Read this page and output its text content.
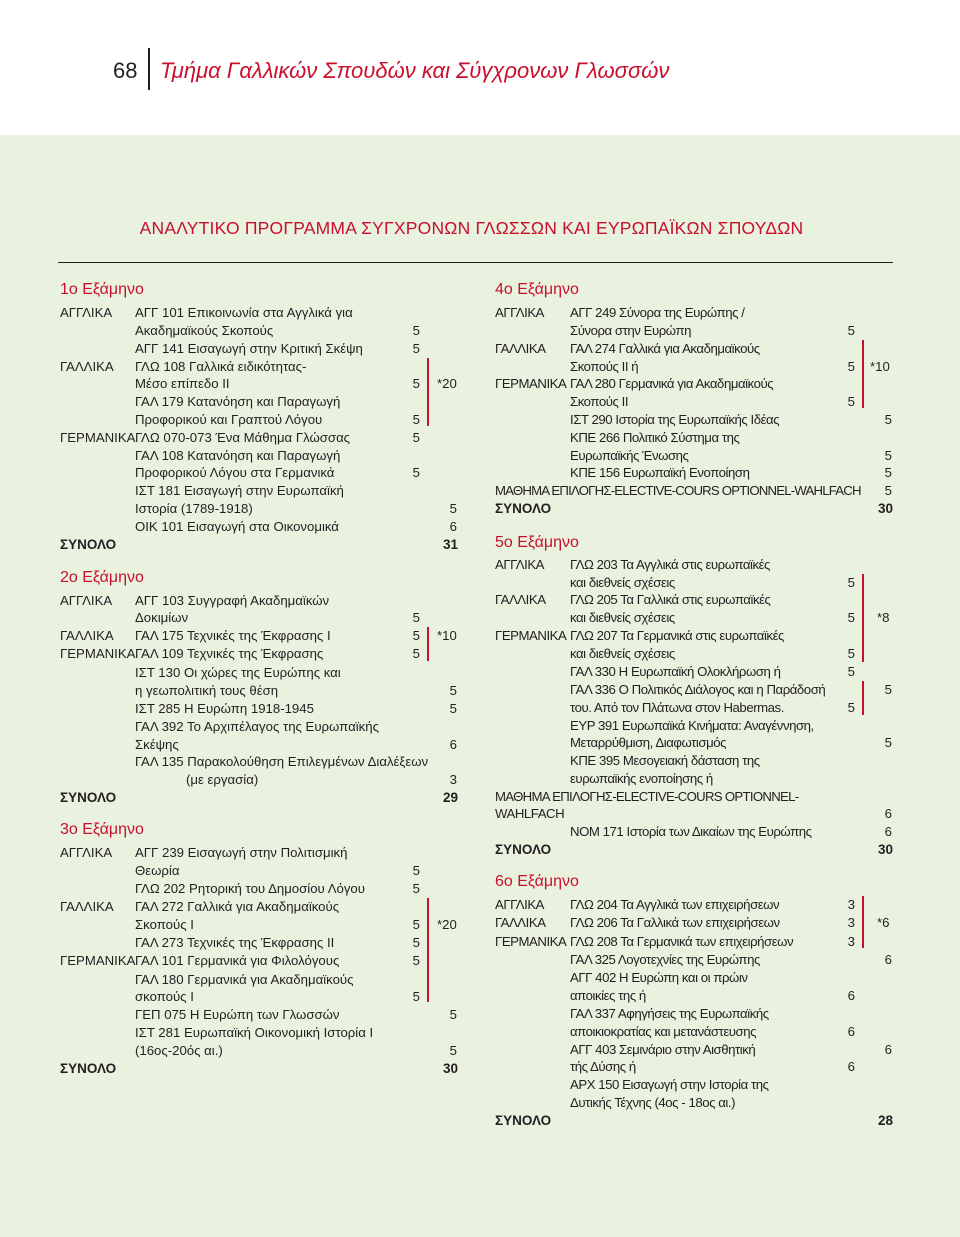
68 Τμήμα Γαλλικών Σπουδών και Σύγχρονων Γλωσσών
ΑΝΑΛΥΤΙΚΟ ΠΡΟΓΡΑΜΜΑ ΣΥΓΧΡΟΝΩΝ ΓΛΩΣΣΩΝ ΚΑΙ ΕΥΡΩΠΑΪΚΩΝ ΣΠΟΥΔΩΝ
1ο Εξάμηνο
ΑΓΓΛΙΚΑ ΑΓΓ 101 Επικοινωνία στα Αγγλικά για
Ακαδημαϊκούς Σκοπούς	5
ΑΓΓ 141 Εισαγωγή στην Κριτική Σκέψη	5
ΓΑΛΛΙΚΑ ΓΛΩ 108 Γαλλικά ειδικότητας-
Μέσο επίπεδο ΙΙ	5 *20
ΓΑΛ 179 Κατανόηση και Παραγωγή
Προφορικού και Γραπτού Λόγου	5
ΓΕΡΜΑΝΙΚΑ ΓΛΩ 070-073 Ένα Μάθημα Γλώσσας	5
ΓΑΛ 108 Κατανόηση και Παραγωγή
Προφορικού Λόγου στα Γερμανικά	5
ΙΣΤ 181 Εισαγωγή στην Ευρωπαϊκή
Ιστορία (1789-1918)	5
ΟΙΚ 101 Εισαγωγή στα Οικονομικά	6
ΣΥΝΟΛΟ	31
2ο Εξάμηνο
ΑΓΓΛΙΚΑ ΑΓΓ 103 Συγγραφή Ακαδημαϊκών
Δοκιμίων	5
ΓΑΛΛΙΚΑ ΓΑΛ 175 Τεχνικές της Έκφρασης Ι	5 *10
ΓΕΡΜΑΝΙΚΑ ΓΑΛ 109 Τεχνικές της Έκφρασης	5
ΙΣΤ 130 Οι χώρες της Ευρώπης και
η γεωπολιτική τους θέση	5
ΙΣΤ 285 Η Ευρώπη 1918-1945	5
ΓΑΛ 392 Το Αρχιπέλαγος της Ευρωπαϊκής
Σκέψης	6
ΓΑΛ 135 Παρακολούθηση Επιλεγμένων Διαλέξεων
(με εργασία)	3
ΣΥΝΟΛΟ	29
3ο Εξάμηνο
ΑΓΓΛΙΚΑ ΑΓΓ 239 Εισαγωγή στην Πολιτισμική
Θεωρία	5
ΓΛΩ 202 Ρητορική του Δημοσίου Λόγου	5
ΓΑΛΛΙΚΑ ΓΑΛ 272 Γαλλικά για Ακαδημαϊκούς
Σκοπούς Ι	5 *20
ΓΑΛ 273 Τεχνικές της Έκφρασης ΙΙ	5
ΓΕΡΜΑΝΙΚΑ ΓΑΛ 101 Γερμανικά για Φιλολόγους	5
ΓΑΛ 180 Γερμανικά για Ακαδημαϊκούς
σκοπούς Ι	5
ΓΕΠ 075 Η Ευρώπη των Γλωσσών	5
ΙΣΤ 281 Ευρωπαϊκή Οικονομική Ιστορία Ι
(16ος-20ός αι.)	5
ΣΥΝΟΛΟ	30
4ο Εξάμηνο
ΑΓΓΛΙΚΑ ΑΓΓ 249 Σύνορα της Ευρώπης /
Σύνορα στην Ευρώπη	5
ΓΑΛΛΙΚΑ ΓΑΛ 274 Γαλλικά για Ακαδημαϊκούς
Σκοπούς ΙΙ ή	5 *10
ΓΕΡΜΑΝΙΚΑ ΓΑΛ 280 Γερμανικά για Ακαδημαϊκούς
Σκοπούς ΙΙ	5
ΙΣΤ 290 Ιστορία της Ευρωπαϊκής Ιδέας	5
ΚΠΕ 266 Πολιτικό Σύστημα της
Ευρωπαϊκής Ένωσης	5
ΚΠΕ 156 Ευρωπαϊκή Ενοποίηση	5
ΜΑΘΗΜΑ ΕΠΙΛΟΓΗΣ-ELECTIVE-COURS OPTIONNEL-WAHLFACH	5
ΣΥΝΟΛΟ	30
5ο Εξάμηνο
ΑΓΓΛΙΚΑ ΓΛΩ 203 Τα Αγγλικά στις ευρωπαϊκές
και διεθνείς σχέσεις	5
ΓΑΛΛΙΚΑ ΓΛΩ 205 Τα Γαλλικά στις ευρωπαϊκές
και διεθνείς σχέσεις	5 *8
ΓΕΡΜΑΝΙΚΑ ΓΛΩ 207 Τα Γερμανικά στις ευρωπαϊκές
και διεθνείς σχέσεις	5
ΓΑΛ 330 Η Ευρωπαϊκή Ολοκλήρωση ή	5
ΓΑΛ 336 Ο Πολιτικός Διάλογος και η Παράδοσή	5
του. Από τον Πλάτωνα στον Habermas.	5
ΕΥΡ 391 Ευρωπαϊκά Κινήματα: Αναγέννηση,
Μεταρρύθμιση, Διαφωτισμός	5
ΚΠΕ 395 Μεσογειακή δάσταση της
ευρωπαϊκής ενοποίησης ή
ΜΑΘΗΜΑ ΕΠΙΛΟΓΗΣ-ELECTIVE-COURS OPTIONNEL-
WAHLFACH	6
ΝΟΜ 171 Ιστορία των Δικαίων της Ευρώπης	6
ΣΥΝΟΛΟ	30
6ο Εξάμηνο
ΑΓΓΛΙΚΑ ΓΛΩ 204 Τα Αγγλικά των επιχειρήσεων	3
ΓΑΛΛΙΚΑ ΓΛΩ 206 Τα Γαλλικά των επιχειρήσεων	3 *6
ΓΕΡΜΑΝΙΚΑ ΓΛΩ 208 Τα Γερμανικά των επιχειρήσεων	3
ΓΑΛ 325 Λογοτεχνίες της Ευρώπης	6
ΑΓΓ 402 Η Ευρώπη και οι πρώιν
αποικίες της ή	6
ΓΑΛ 337 Αφηγήσεις της Ευρωπαϊκής
αποικιοκρατίας και μετανάστευσης	6
ΑΓΓ 403 Σεμινάριο στην Αισθητική	6
τής Δύσης ή	6
ΑΡΧ 150 Εισαγωγή στην Ιστορία της
Δυτικής Τέχνης (4ος - 18ος αι.)
ΣΥΝΟΛΟ	28
